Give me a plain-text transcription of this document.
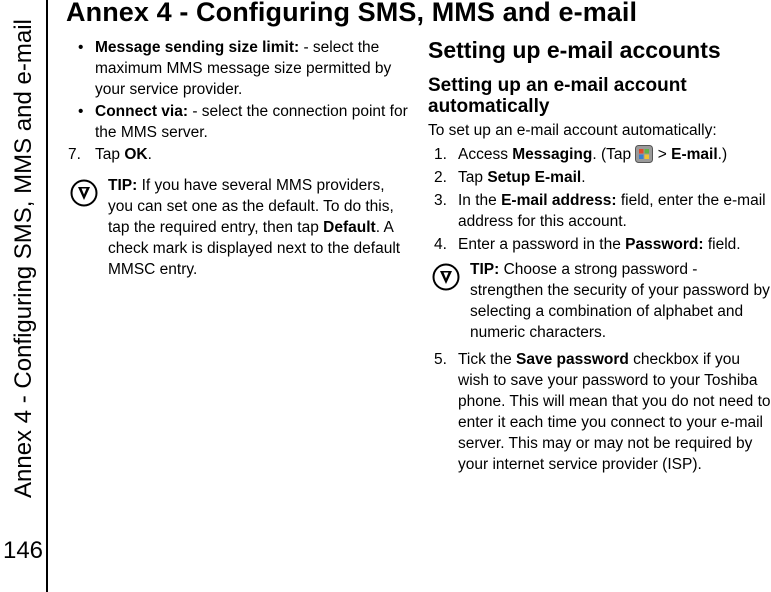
Annex 4 - Configuring SMS, MMS and e-mail
146
Annex 4 - Configuring SMS, MMS and e-mail
• Message sending size limit: - select the maximum MMS message size permitted by your service provider.
• Connect via: - select the connection point for the MMS server.
7. Tap OK.
TIP: If you have several MMS providers, you can set one as the default. To do this, tap the required entry, then tap Default. A check mark is displayed next to the default MMSC entry.
Setting up e-mail accounts
Setting up an e-mail account automatically
To set up an e-mail account automatically:
1. Access Messaging. (Tap  > E-mail.)
2. Tap Setup E-mail.
3. In the E-mail address: field, enter the e-mail address for this account.
4. Enter a password in the Password: field.
TIP: Choose a strong password - strengthen the security of your password by selecting a combination of alphabet and numeric characters.
5. Tick the Save password checkbox if you wish to save your password to your Toshiba phone. This will mean that you do not need to enter it each time you connect to your e-mail server. This may or may not be required by your internet service provider (ISP).
